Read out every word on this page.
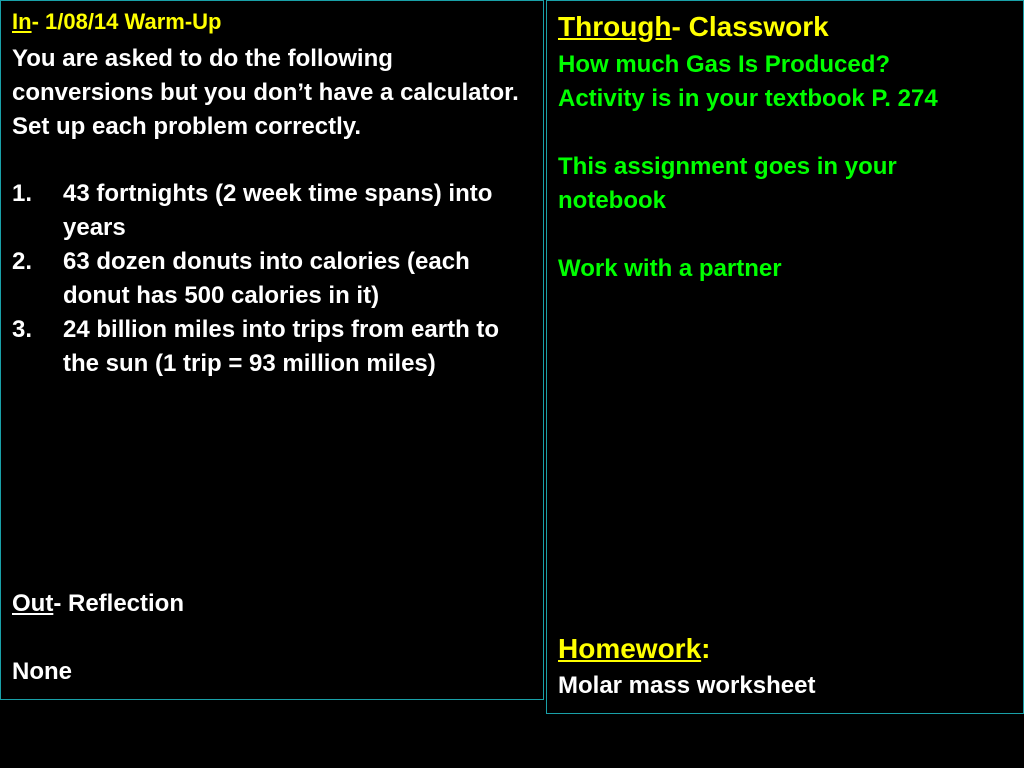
In- 1/08/14 Warm-Up
You are asked to do the following conversions but you don’t have a calculator. Set up each problem correctly.
1. 43 fortnights (2 week time spans) into years
2. 63 dozen donuts into calories (each donut has 500 calories in it)
3. 24 billion miles into trips from earth to the sun (1 trip = 93 million miles)
Out- Reflection
None
Through- Classwork
How much Gas Is Produced?
Activity is in your textbook P. 274
This assignment goes in your
notebook
Work with a partner
Homework:
Molar mass worksheet
